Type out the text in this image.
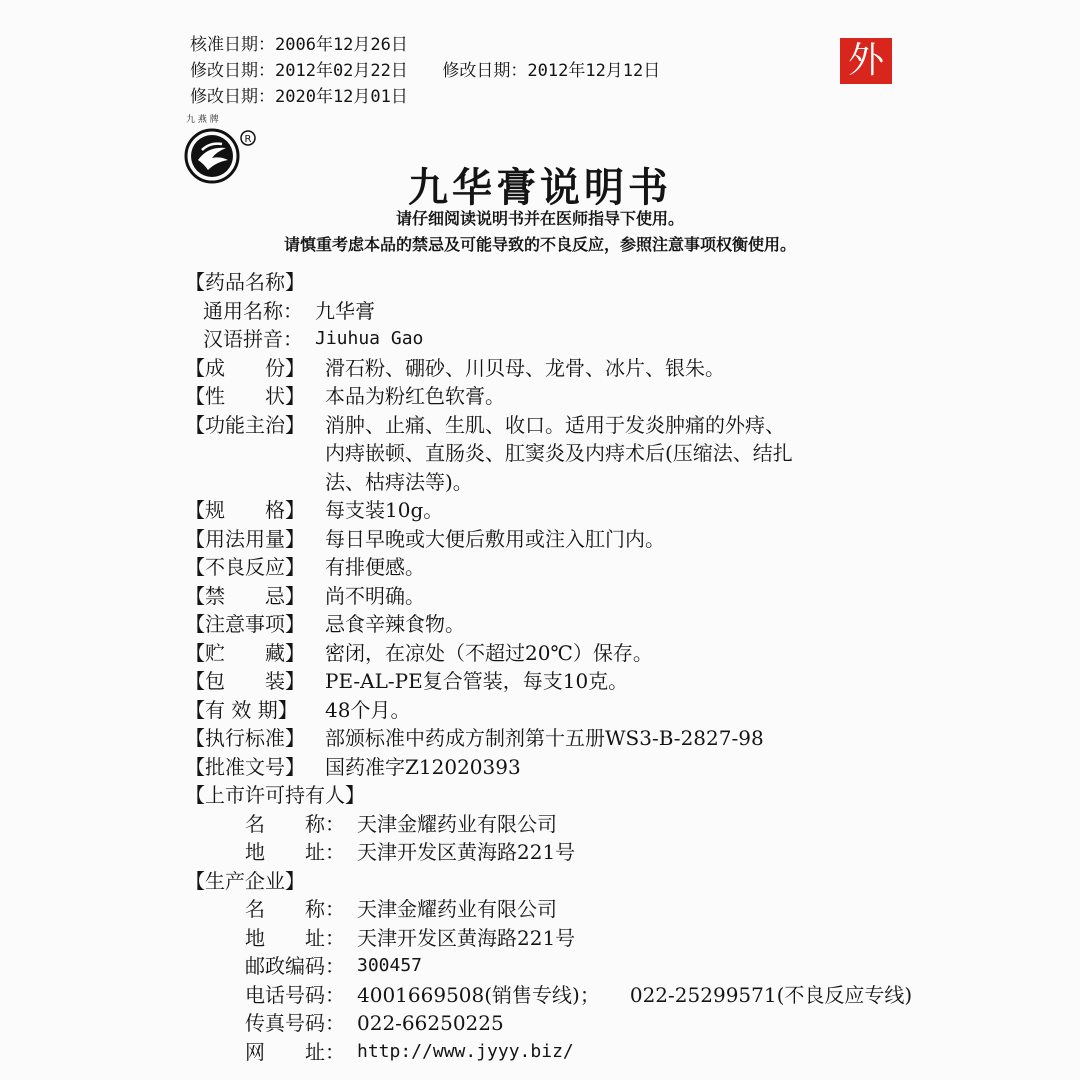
核准日期：2006年12月26日
修改日期：2012年02月22日 修改日期：2012年12月12日
修改日期：2020年12月01日
外
九 燕 牌
R
九华膏说明书
请仔细阅读说明书并在医师指导下使用。
请慎重考虑本品的禁忌及可能导致的不良反应，参照注意事项权衡使用。
【药品名称】
通用名称： 九华膏
汉语拼音： Jiuhua Gao
【成　　份】	滑石粉、硼砂、川贝母、龙骨、冰片、银朱。
【性　　状】	本品为粉红色软膏。
【功能主治】	消肿、止痛、生肌、收口。适用于发炎肿痛的外痔、
内痔嵌顿、直肠炎、肛窦炎及内痔术后(压缩法、结扎
法、枯痔法等)。
【规　　格】	每支装10g。
【用法用量】	每日早晚或大便后敷用或注入肛门内。
【不良反应】	有排便感。
【禁　　忌】	尚不明确。
【注意事项】	忌食辛辣食物。
【贮　　藏】	密闭，在凉处（不超过20℃）保存。
【包　　装】	PE-AL-PE复合管装，每支10克。
【有 效 期】	48个月。
【执行标准】	部颁标准中药成方制剂第十五册WS3-B-2827-98
【批准文号】	国药准字Z12020393
【上市许可持有人】
名　　称： 天津金耀药业有限公司
地　　址： 天津开发区黄海路221号
【生产企业】
名　　称： 天津金耀药业有限公司
地　　址： 天津开发区黄海路221号
邮政编码： 300457
电话号码： 4001669508(销售专线)； 022-25299571(不良反应专线)
传真号码： 022-66250225
网　　址： http://www.jyyy.biz/
